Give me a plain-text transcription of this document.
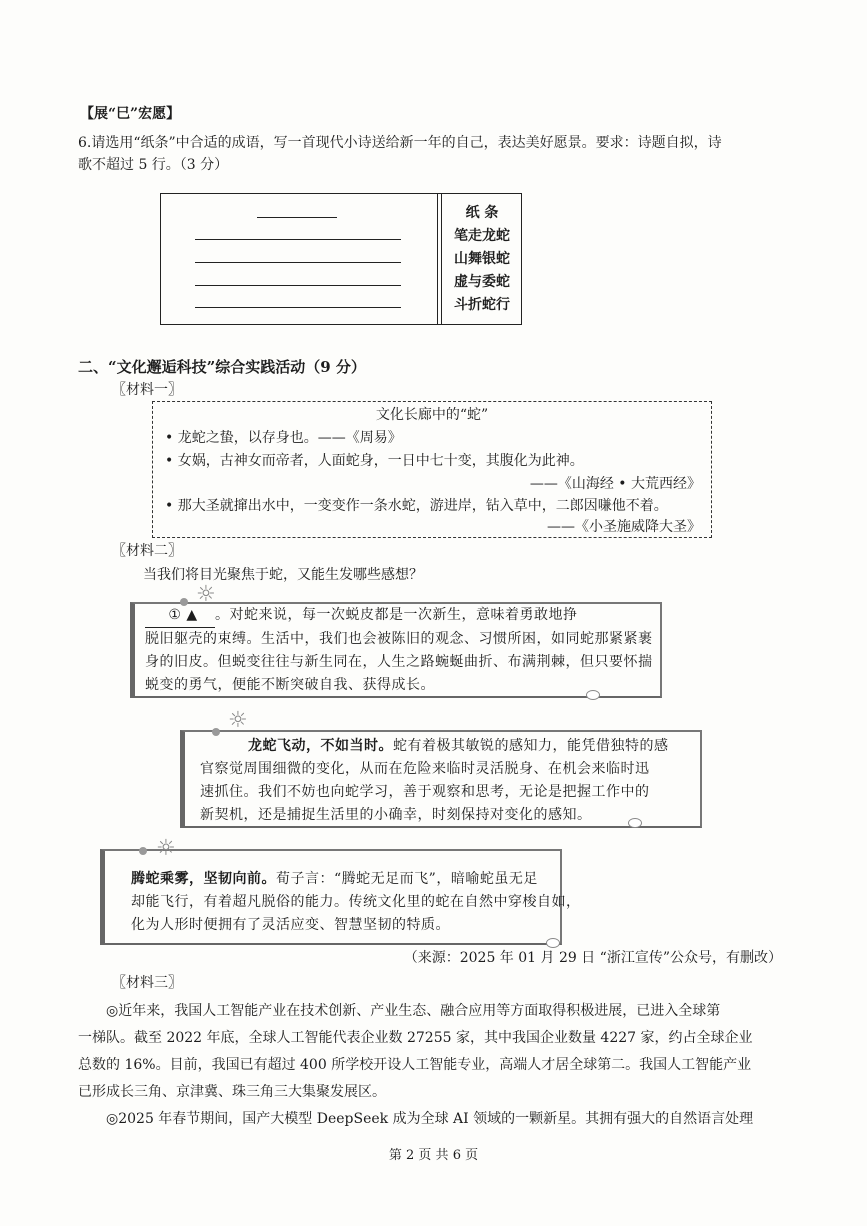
【展“巳”宏愿】
6.请选用“纸条”中合适的成语，写一首现代小诗送给新一年的自己，表达美好愿景。要求：诗题自拟，诗
歌不超过 5 行。（3 分）
纸 条
笔走龙蛇
山舞银蛇
虚与委蛇
斗折蛇行
二、“文化邂逅科技”综合实践活动（9 分）
〖材料一〗
文化长廊中的“蛇”
• 龙蛇之蛰，以存身也。——《周易》
• 女娲，古神女而帝者，人面蛇身，一日中七十变，其腹化为此神。
——《山海经 • 大荒西经》
• 那大圣就撺出水中，一变变作一条水蛇，游进岸，钻入草中，二郎因嗛他不着。
——《小圣施威降大圣》
〖材料二〗
当我们将目光聚焦于蛇，又能生发哪些感想？
☼
① ▲ 。对蛇来说，每一次蜕皮都是一次新生，意味着勇敢地挣
脱旧躯壳的束缚。生活中，我们也会被陈旧的观念、习惯所困，如同蛇那紧紧裹
身的旧皮。但蜕变往往与新生同在，人生之路蜿蜒曲折、布满荆棘，但只要怀揣
蜕变的勇气，便能不断突破自我、获得成长。
☼
龙蛇飞动，不如当时。蛇有着极其敏锐的感知力，能凭借独特的感
官察觉周围细微的变化，从而在危险来临时灵活脱身、在机会来临时迅
速抓住。我们不妨也向蛇学习，善于观察和思考，无论是把握工作中的
新契机，还是捕捉生活里的小确幸，时刻保持对变化的感知。
☼
腾蛇乘雾，坚韧向前。荀子言：“腾蛇无足而飞”，暗喻蛇虽无足
却能飞行，有着超凡脱俗的能力。传统文化里的蛇在自然中穿梭自如，
化为人形时便拥有了灵活应变、智慧坚韧的特质。
（来源：2025 年 01 月 29 日 “浙江宣传”公众号，有删改）
〖材料三〗
◎近年来，我国人工智能产业在技术创新、产业生态、融合应用等方面取得积极进展，已进入全球第
一梯队。截至 2022 年底，全球人工智能代表企业数 27255 家，其中我国企业数量 4227 家，约占全球企业
总数的 16%。目前，我国已有超过 400 所学校开设人工智能专业，高端人才居全球第二。我国人工智能产业
已形成长三角、京津冀、珠三角三大集聚发展区。
◎2025 年春节期间，国产大模型 DeepSeek 成为全球 AI 领域的一颗新星。其拥有强大的自然语言处理
第 2 页 共 6 页
